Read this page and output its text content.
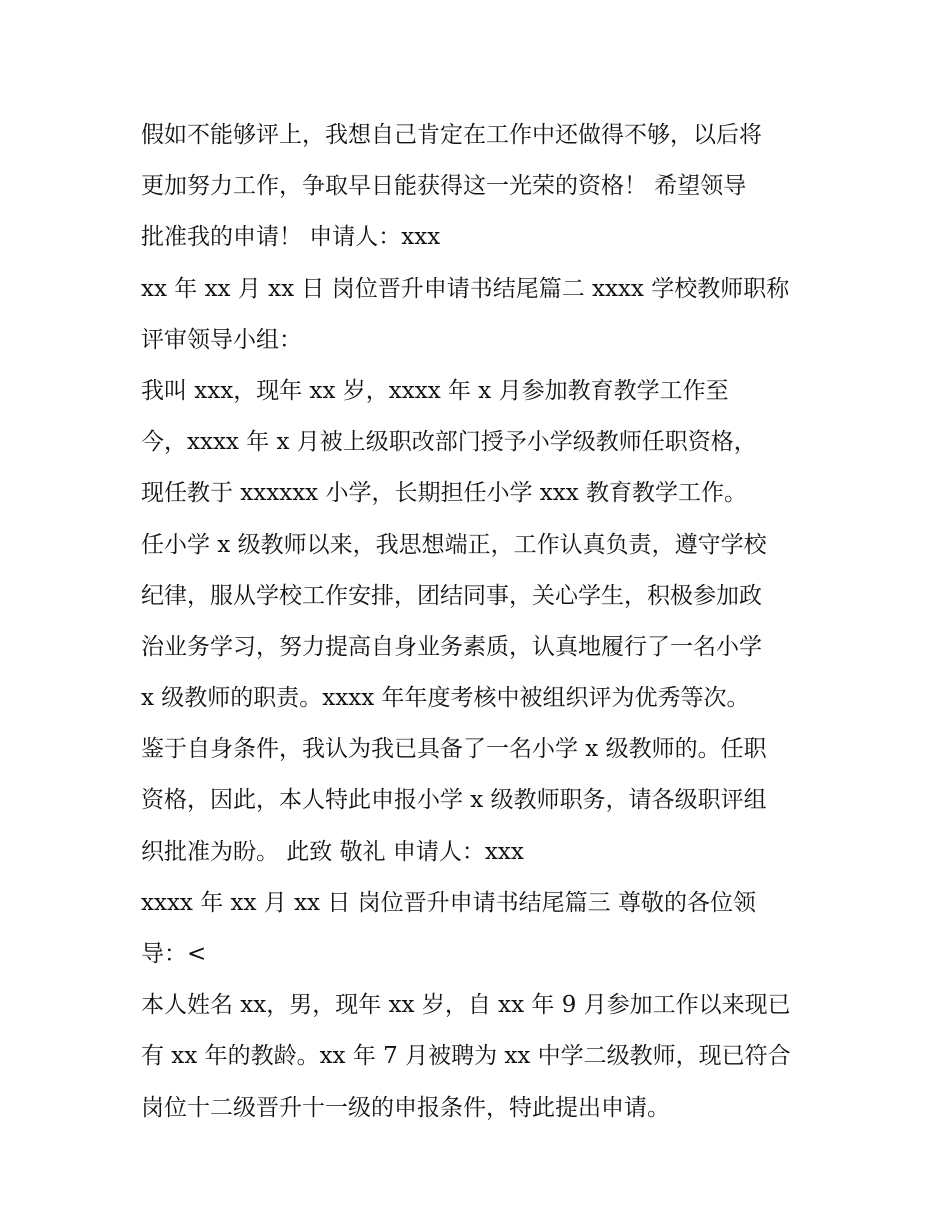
假如不能够评上，我想自己肯定在工作中还做得不够，以后将
更加努力工作，争取早日能获得这一光荣的资格！ 希望领导
批准我的申请！ 申请人：xxx
xx 年 xx 月 xx 日 岗位晋升申请书结尾篇二 xxxx 学校教师职称
评审领导小组：
我叫 xxx，现年 xx 岁，xxxx 年 x 月参加教育教学工作至
今，xxxx 年 x 月被上级职改部门授予小学级教师任职资格，
现任教于 xxxxxx 小学，长期担任小学 xxx 教育教学工作。
任小学 x 级教师以来，我思想端正，工作认真负责，遵守学校
纪律，服从学校工作安排，团结同事，关心学生，积极参加政
治业务学习，努力提高自身业务素质，认真地履行了一名小学
x 级教师的职责。xxxx 年年度考核中被组织评为优秀等次。
鉴于自身条件，我认为我已具备了一名小学 x 级教师的。任职
资格，因此，本人特此申报小学 x 级教师职务，请各级职评组
织批准为盼。 此致 敬礼 申请人：xxx
xxxx 年 xx 月 xx 日 岗位晋升申请书结尾篇三 尊敬的各位领
导：<
本人姓名 xx，男，现年 xx 岁，自 xx 年 9 月参加工作以来现已
有 xx 年的教龄。xx 年 7 月被聘为 xx 中学二级教师，现已符合
岗位十二级晋升十一级的申报条件，特此提出申请。
